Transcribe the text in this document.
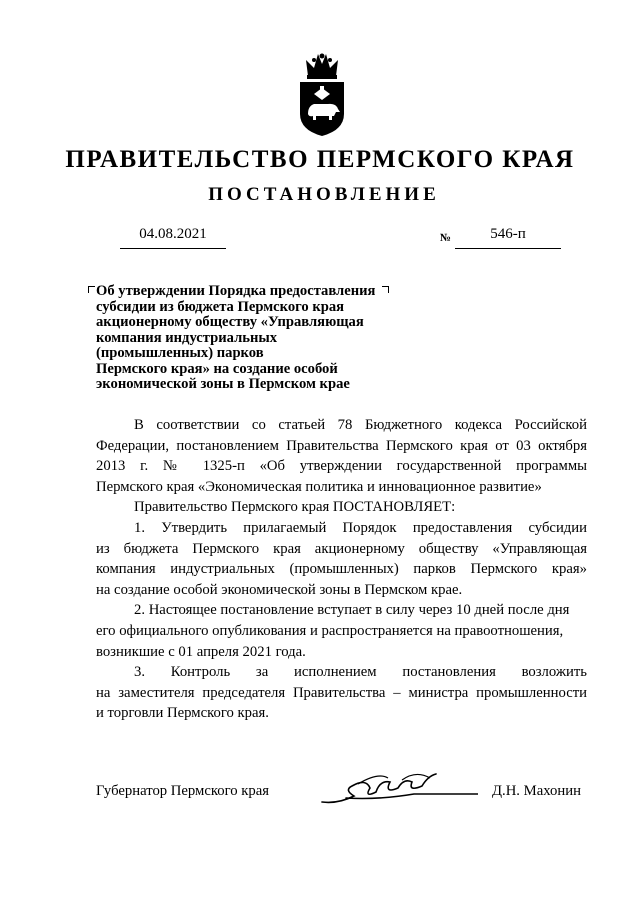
ПРАВИТЕЛЬСТВО ПЕРМСКОГО КРАЯ
ПОСТАНОВЛЕНИЕ
04.08.2021	№	546-п
Об утверждении Порядка предоставления
субсидии из бюджета Пермского края
акционерному обществу «Управляющая
компания индустриальных
(промышленных) парков
Пермского края» на создание особой
экономической зоны в Пермском крае

В соответствии со статьей 78 Бюджетного кодекса Российской

Федерации, постановлением Правительства Пермского края от 03 октября

2013 г. № 1325-п «Об утверждении государственной программы

Пермского края «Экономическая политика и инновационное развитие»

Правительство Пермского края ПОСТАНОВЛЯЕТ:

1. Утвердить прилагаемый Порядок предоставления субсидии

из бюджета Пермского края акционерному обществу «Управляющая

компания индустриальных (промышленных) парков Пермского края»

на создание особой экономической зоны в Пермском крае.

2. Настоящее постановление вступает в силу через 10 дней после дня

его официального опубликования и распространяется на правоотношения,

возникшие с 01 апреля 2021 года.

3. Контроль за исполнением постановления возложить

на заместителя председателя Правительства – министра промышленности

и торговли Пермского края.

Губернатор Пермского края	Д.Н. Махонин
